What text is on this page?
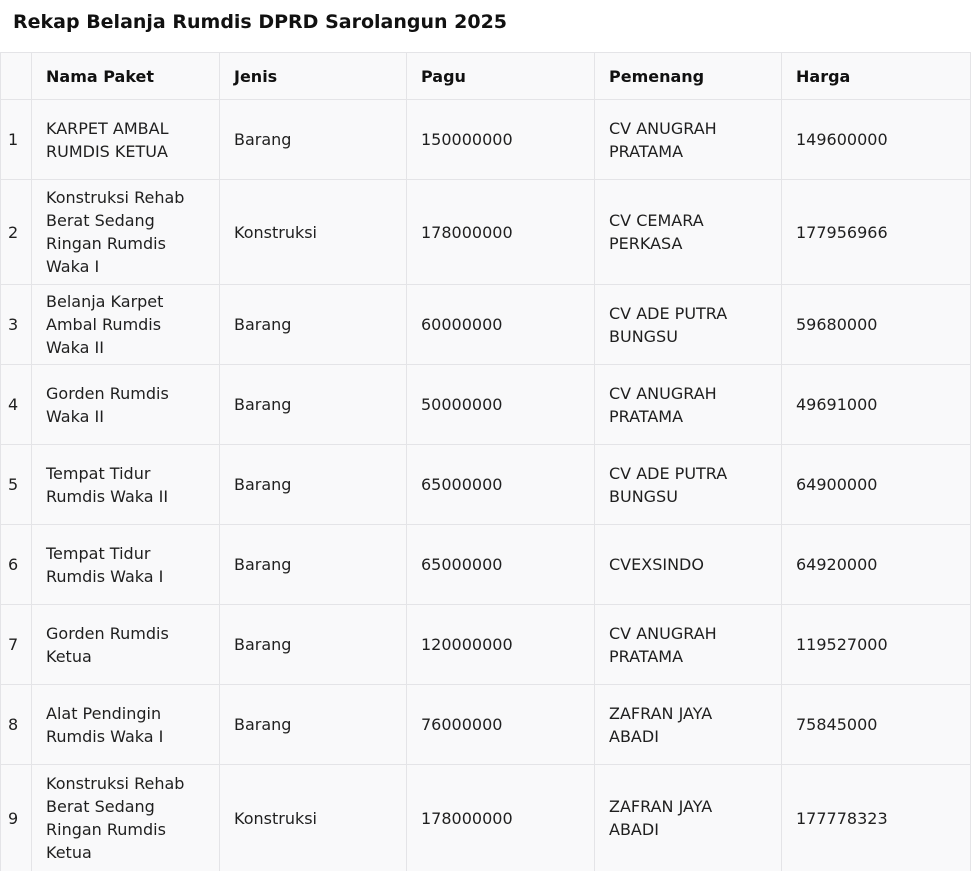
Rekap Belanja Rumdis DPRD Sarolangun 2025
	Nama Paket	Jenis	Pagu	Pemenang	Harga
1	KARPET AMBAL RUMDIS KETUA	Barang	150000000	CV ANUGRAH PRATAMA	149600000
2	Konstruksi Rehab Berat Sedang Ringan Rumdis Waka I	Konstruksi	178000000	CV CEMARA PERKASA	177956966
3	Belanja Karpet Ambal Rumdis Waka II	Barang	60000000	CV ADE PUTRA BUNGSU	59680000
4	Gorden Rumdis Waka II	Barang	50000000	CV ANUGRAH PRATAMA	49691000
5	Tempat Tidur Rumdis Waka II	Barang	65000000	CV ADE PUTRA BUNGSU	64900000
6	Tempat Tidur Rumdis Waka I	Barang	65000000	CVEXSINDO	64920000
7	Gorden Rumdis Ketua	Barang	120000000	CV ANUGRAH PRATAMA	119527000
8	Alat Pendingin Rumdis Waka I	Barang	76000000	ZAFRAN JAYA ABADI	75845000
9	Konstruksi Rehab Berat Sedang Ringan Rumdis Ketua	Konstruksi	178000000	ZAFRAN JAYA ABADI	177778323
